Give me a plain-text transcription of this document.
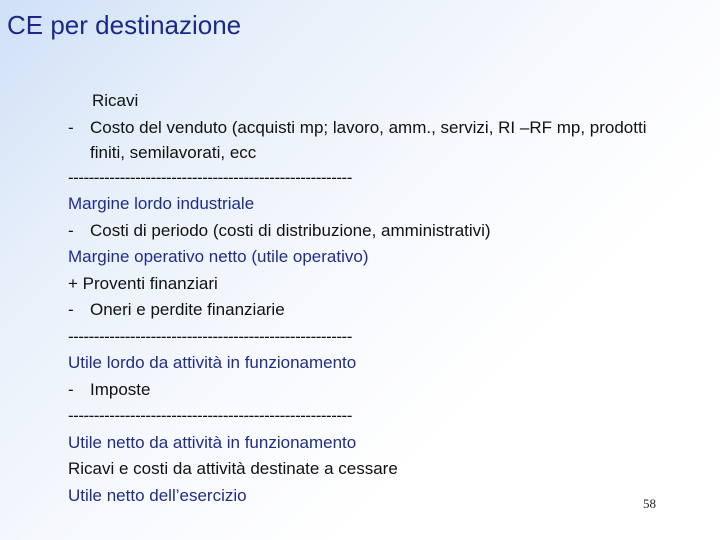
CE per destinazione
Ricavi
- Costo del venduto (acquisti mp; lavoro, amm., servizi, RI –RF mp, prodotti finiti, semilavorati, ecc
-------------------------------------------------------
Margine lordo industriale
- Costi di periodo (costi di distribuzione, amministrativi)
Margine operativo netto (utile operativo)
+ Proventi finanziari
- Oneri e perdite finanziarie
-------------------------------------------------------
Utile lordo da attività in funzionamento
- Imposte
-------------------------------------------------------
Utile netto da attività in funzionamento
Ricavi e costi da attività destinate a cessare
Utile netto dell’esercizio	58
